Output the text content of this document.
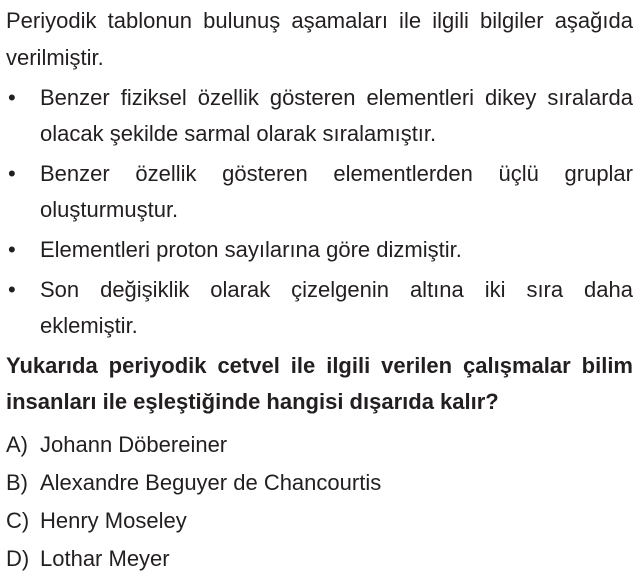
Periyodik tablonun bulunuş aşamaları ile ilgili bilgiler aşağıda verilmiştir.

• Benzer fiziksel özellik gösteren elementleri dikey sıralarda olacak şekilde sarmal olarak sıralamıştır.
• Benzer özellik gösteren elementlerden üçlü gruplar oluşturmuştur.
• Elementleri proton sayılarına göre dizmiştir.
• Son değişiklik olarak çizelgenin altına iki sıra daha eklemiştir.

Yukarıda periyodik cetvel ile ilgili verilen çalışmalar bilim insanları ile eşleştiğinde hangisi dışarıda kalır?

A) Johann Döbereiner
B) Alexandre Beguyer de Chancourtis
C) Henry Moseley
D) Lothar Meyer
